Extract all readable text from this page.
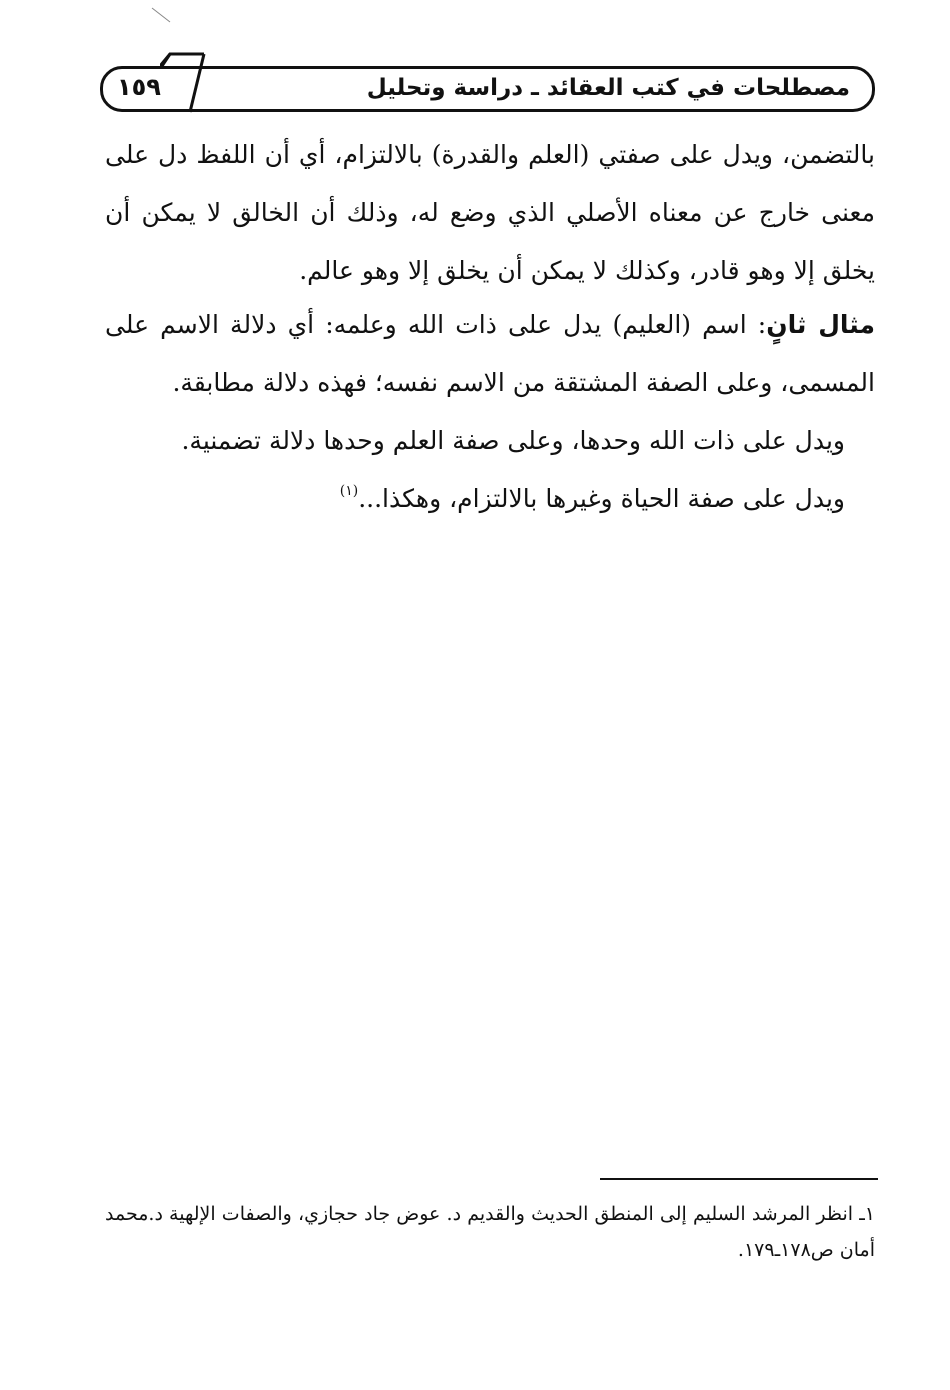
مصطلحات في كتب العقائد ـ دراسة وتحليل
١٥٩
بالتضمن، ويدل على صفتي (العلم والقدرة) بالالتزام، أي أن اللفظ دل على معنى خارج عن معناه الأصلي الذي وضع له، وذلك أن الخالق لا يمكن أن يخلق إلا وهو قادر، وكذلك لا يمكن أن يخلق إلا وهو عالم.
مثال ثانٍ: اسم (العليم) يدل على ذات الله وعلمه: أي دلالة الاسم على المسمى، وعلى الصفة المشتقة من الاسم نفسه؛ فهذه دلالة مطابقة.
ويدل على ذات الله وحدها، وعلى صفة العلم وحدها دلالة تضمنية.
ويدل على صفة الحياة وغيرها بالالتزام، وهكذا...$^{(١)}$
١ـ انظر المرشد السليم إلى المنطق الحديث والقديم د. عوض جاد حجازي، والصفات الإلهية د.محمد أمان ص١٧٨ـ١٧٩.
